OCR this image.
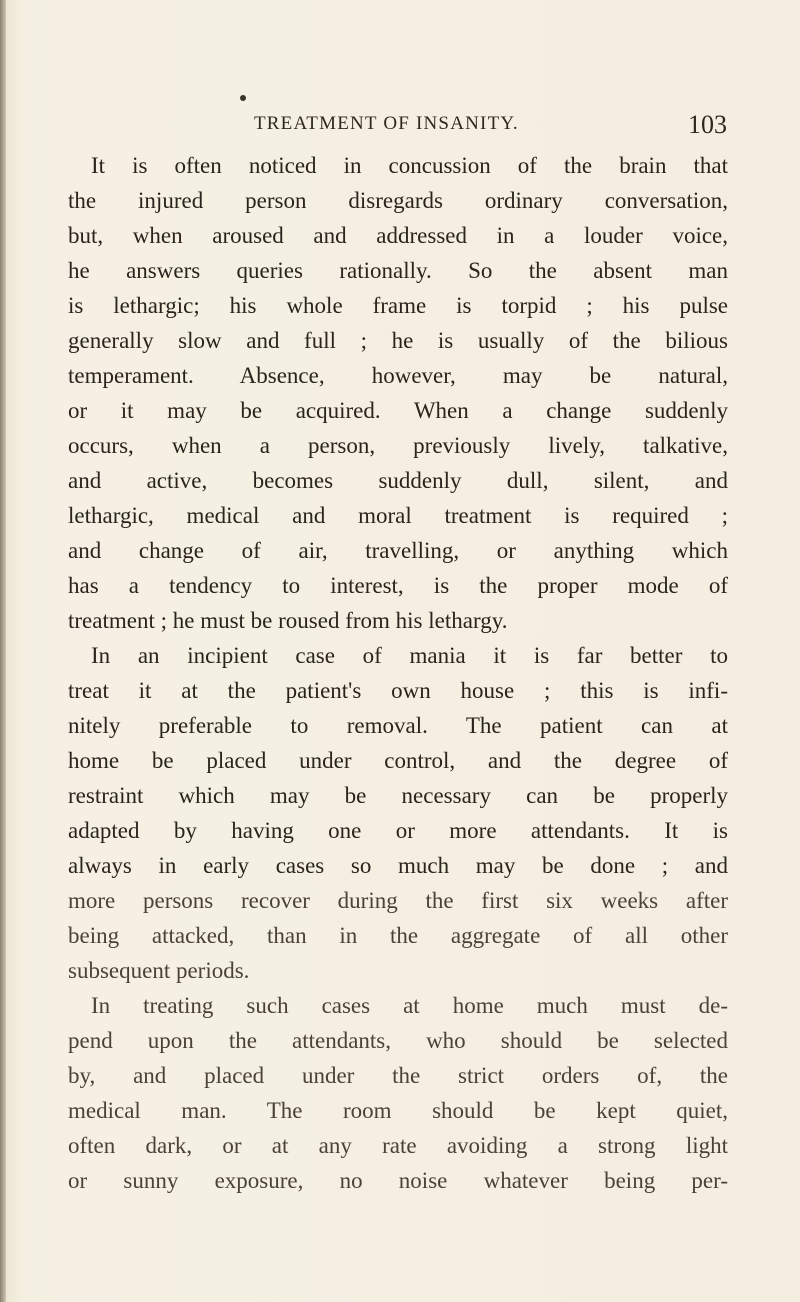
TREATMENT OF INSANITY.	103
It is often noticed in concussion of the brain that
the injured person disregards ordinary conversation,
but, when aroused and addressed in a louder voice,
he answers queries rationally. So the absent man
is lethargic; his whole frame is torpid ; his pulse
generally slow and full ; he is usually of the bilious
temperament. Absence, however, may be natural,
or it may be acquired. When a change suddenly
occurs, when a person, previously lively, talkative,
and active, becomes suddenly dull, silent, and
lethargic, medical and moral treatment is required ;
and change of air, travelling, or anything which
has a tendency to interest, is the proper mode of
treatment ; he must be roused from his lethargy.
In an incipient case of mania it is far better to
treat it at the patient's own house ; this is infi-
nitely preferable to removal. The patient can at
home be placed under control, and the degree of
restraint which may be necessary can be properly
adapted by having one or more attendants. It is
always in early cases so much may be done ; and
more persons recover during the first six weeks after
being attacked, than in the aggregate of all other
subsequent periods.
In treating such cases at home much must de-
pend upon the attendants, who should be selected
by, and placed under the strict orders of, the
medical man. The room should be kept quiet,
often dark, or at any rate avoiding a strong light
or sunny exposure, no noise whatever being per-
